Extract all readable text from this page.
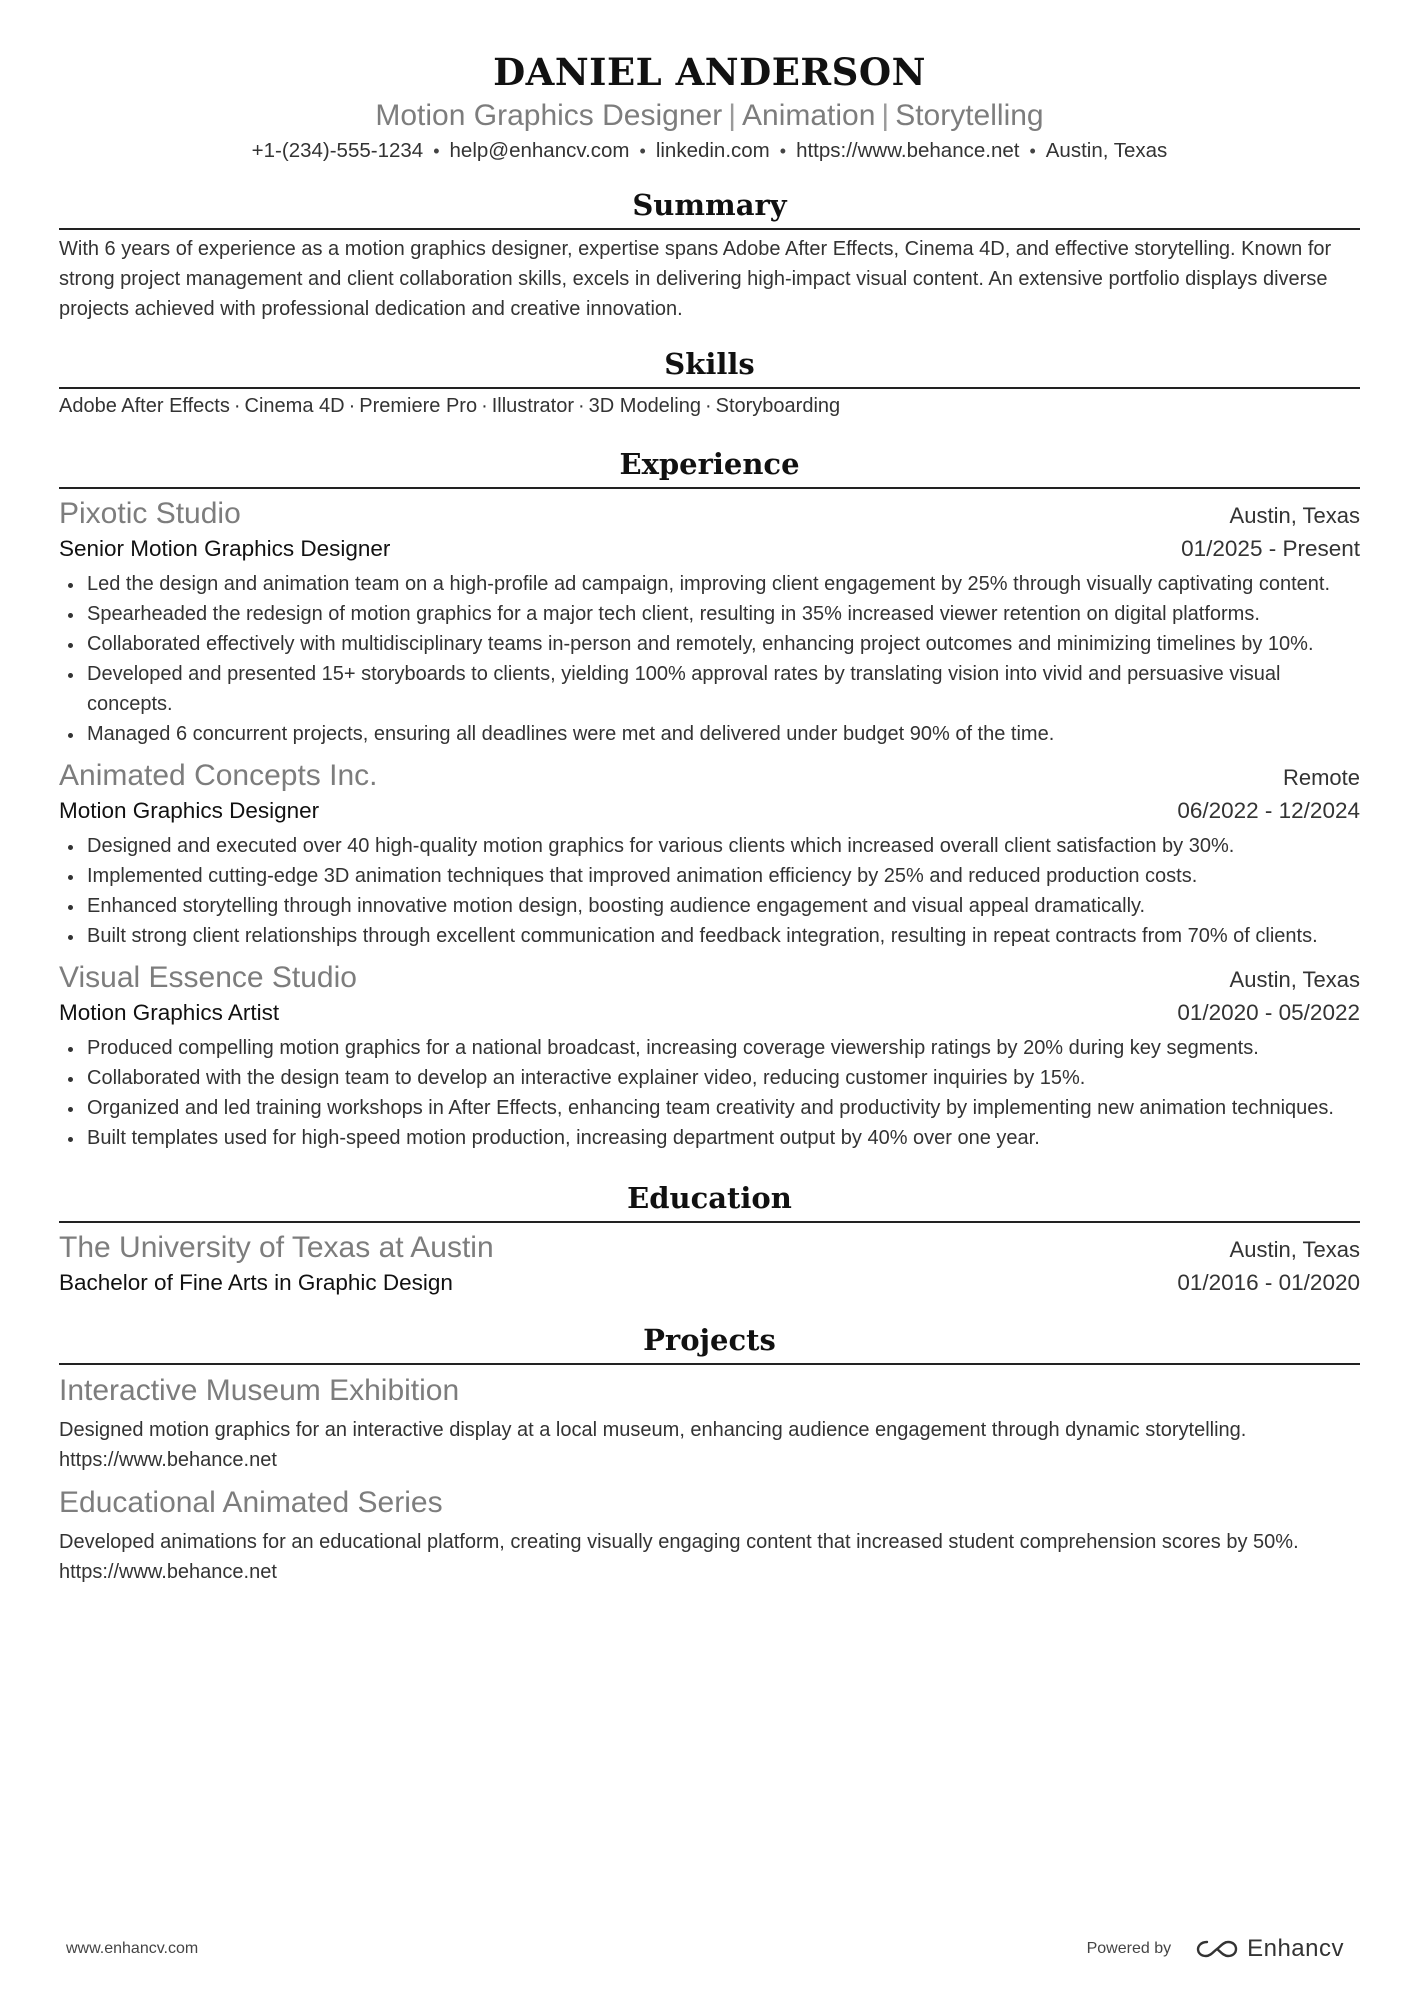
DANIEL ANDERSON
Motion Graphics Designer | Animation | Storytelling
+1-(234)-555-1234 • help@enhancv.com • linkedin.com • https://www.behance.net • Austin, Texas
Summary
With 6 years of experience as a motion graphics designer, expertise spans Adobe After Effects, Cinema 4D, and effective storytelling. Known for strong project management and client collaboration skills, excels in delivering high-impact visual content. An extensive portfolio displays diverse projects achieved with professional dedication and creative innovation.
Skills
Adobe After Effects · Cinema 4D · Premiere Pro · Illustrator · 3D Modeling · Storyboarding
Experience
Pixotic Studio	Austin, Texas
Senior Motion Graphics Designer	01/2025 - Present
Led the design and animation team on a high-profile ad campaign, improving client engagement by 25% through visually captivating content.
Spearheaded the redesign of motion graphics for a major tech client, resulting in 35% increased viewer retention on digital platforms.
Collaborated effectively with multidisciplinary teams in-person and remotely, enhancing project outcomes and minimizing timelines by 10%.
Developed and presented 15+ storyboards to clients, yielding 100% approval rates by translating vision into vivid and persuasive visual concepts.
Managed 6 concurrent projects, ensuring all deadlines were met and delivered under budget 90% of the time.
Animated Concepts Inc.	Remote
Motion Graphics Designer	06/2022 - 12/2024
Designed and executed over 40 high-quality motion graphics for various clients which increased overall client satisfaction by 30%.
Implemented cutting-edge 3D animation techniques that improved animation efficiency by 25% and reduced production costs.
Enhanced storytelling through innovative motion design, boosting audience engagement and visual appeal dramatically.
Built strong client relationships through excellent communication and feedback integration, resulting in repeat contracts from 70% of clients.
Visual Essence Studio	Austin, Texas
Motion Graphics Artist	01/2020 - 05/2022
Produced compelling motion graphics for a national broadcast, increasing coverage viewership ratings by 20% during key segments.
Collaborated with the design team to develop an interactive explainer video, reducing customer inquiries by 15%.
Organized and led training workshops in After Effects, enhancing team creativity and productivity by implementing new animation techniques.
Built templates used for high-speed motion production, increasing department output by 40% over one year.
Education
The University of Texas at Austin	Austin, Texas
Bachelor of Fine Arts in Graphic Design	01/2016 - 01/2020
Projects
Interactive Museum Exhibition
Designed motion graphics for an interactive display at a local museum, enhancing audience engagement through dynamic storytelling. https://www.behance.net
Educational Animated Series
Developed animations for an educational platform, creating visually engaging content that increased student comprehension scores by 50%. https://www.behance.net
www.enhancv.com	Powered by	Enhancv
